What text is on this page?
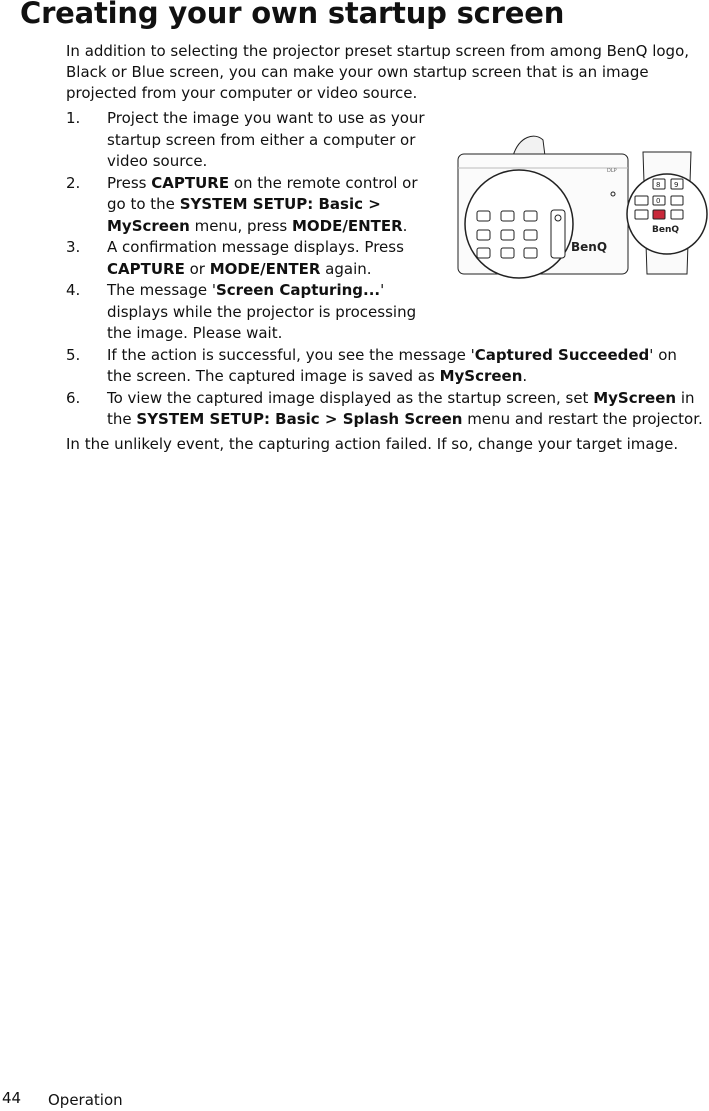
Creating your own startup screen

In addition to selecting the projector preset startup screen from among BenQ logo, Black or Blue screen, you can make your own startup screen that is an image projected from your computer or video source.

1. Project the image you want to use as your startup screen from either a computer or video source.
2. Press CAPTURE on the remote control or go to the SYSTEM SETUP: Basic > MyScreen menu, press MODE/ENTER.
3. A confirmation message displays. Press CAPTURE or MODE/ENTER again.
4. The message 'Screen Capturing...' displays while the projector is processing the image. Please wait.
5. If the action is successful, you see the message 'Captured Succeeded' on the screen. The captured image is saved as MyScreen.
6. To view the captured image displayed as the startup screen, set MyScreen in the SYSTEM SETUP: Basic > Splash Screen menu and restart the projector.

In the unlikely event, the capturing action failed. If so, change your target image.

DLP
BenQ
8 9
0
BenQ
44 Operation
